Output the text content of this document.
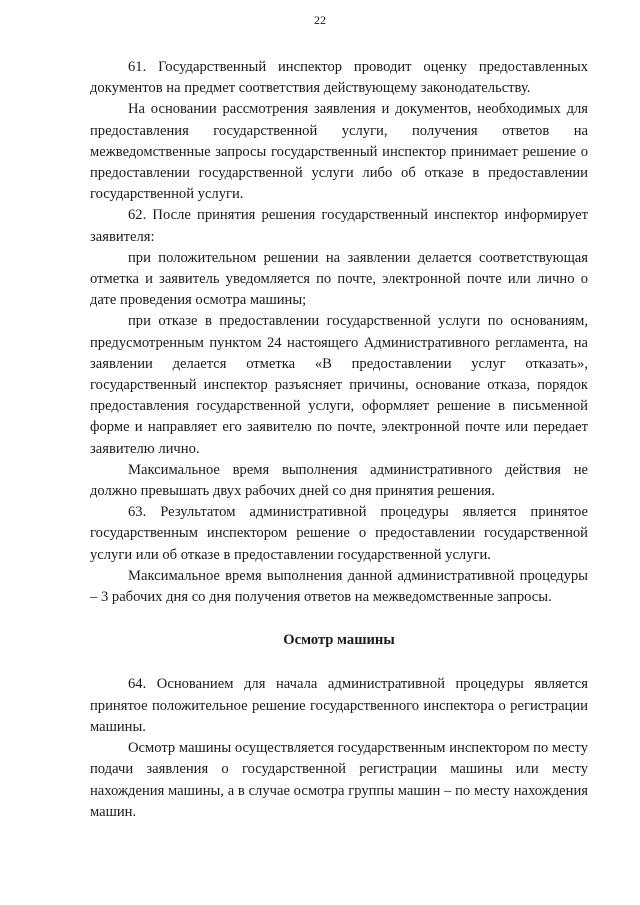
22

61. Государственный инспектор проводит оценку предоставленных документов на предмет соответствия действующему законодательству.

На основании рассмотрения заявления и документов, необходимых для предоставления государственной услуги, получения ответов на межведомственные запросы государственный инспектор принимает решение о предоставлении государственной услуги либо об отказе в предоставлении государственной услуги.

62. После принятия решения государственный инспектор информирует заявителя:

при положительном решении на заявлении делается соответствующая отметка и заявитель уведомляется по почте, электронной почте или лично о дате проведения осмотра машины;

при отказе в предоставлении государственной услуги по основаниям, предусмотренным пунктом 24 настоящего Административного регламента, на заявлении делается отметка «В предоставлении услуг отказать», государственный инспектор разъясняет причины, основание отказа, порядок предоставления государственной услуги, оформляет решение в письменной форме и направляет его заявителю по почте, электронной почте или передает заявителю лично.

Максимальное время выполнения административного действия не должно превышать двух рабочих дней со дня принятия решения.

63. Результатом административной процедуры является принятое государственным инспектором решение о предоставлении государственной услуги или об отказе в предоставлении государственной услуги.

Максимальное время выполнения данной административной процедуры – 3 рабочих дня со дня получения ответов на межведомственные запросы.

Осмотр машины

64. Основанием для начала административной процедуры является принятое положительное решение государственного инспектора о регистрации машины.

Осмотр машины осуществляется государственным инспектором по месту подачи заявления о государственной регистрации машины или месту нахождения машины, а в случае осмотра группы машин – по месту нахождения машин.
